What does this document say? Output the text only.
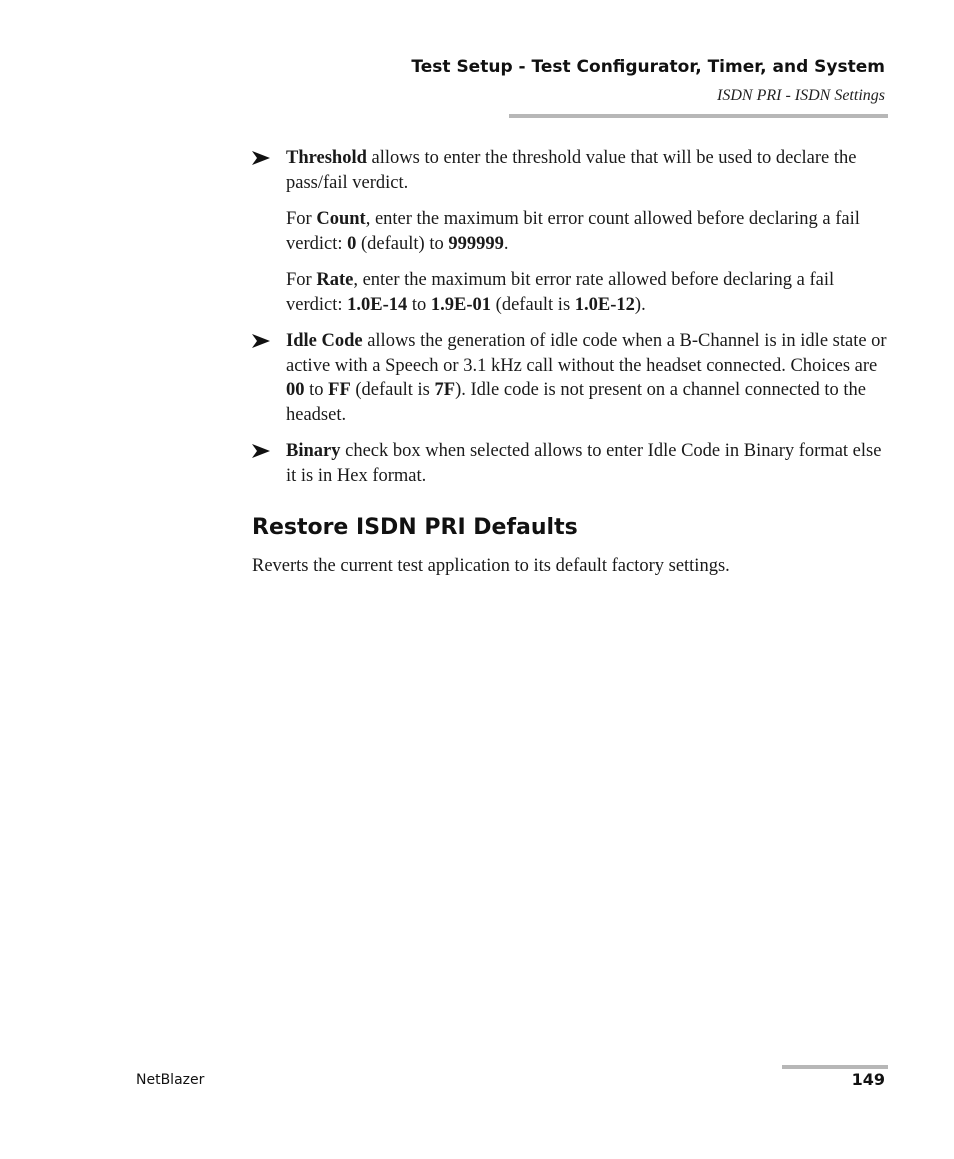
Test Setup - Test Configurator, Timer, and System
ISDN PRI - ISDN Settings
Threshold allows to enter the threshold value that will be used to declare the pass/fail verdict.

For Count, enter the maximum bit error count allowed before declaring a fail verdict: 0 (default) to 999999.

For Rate, enter the maximum bit error rate allowed before declaring a fail verdict: 1.0E-14 to 1.9E-01 (default is 1.0E-12).

Idle Code allows the generation of idle code when a B-Channel is in idle state or active with a Speech or 3.1 kHz call without the headset connected. Choices are 00 to FF (default is 7F). Idle code is not present on a channel connected to the headset.
Binary check box when selected allows to enter Idle Code in Binary format else it is in Hex format.
Restore ISDN PRI Defaults

Reverts the current test application to its default factory settings.

NetBlazer	149
